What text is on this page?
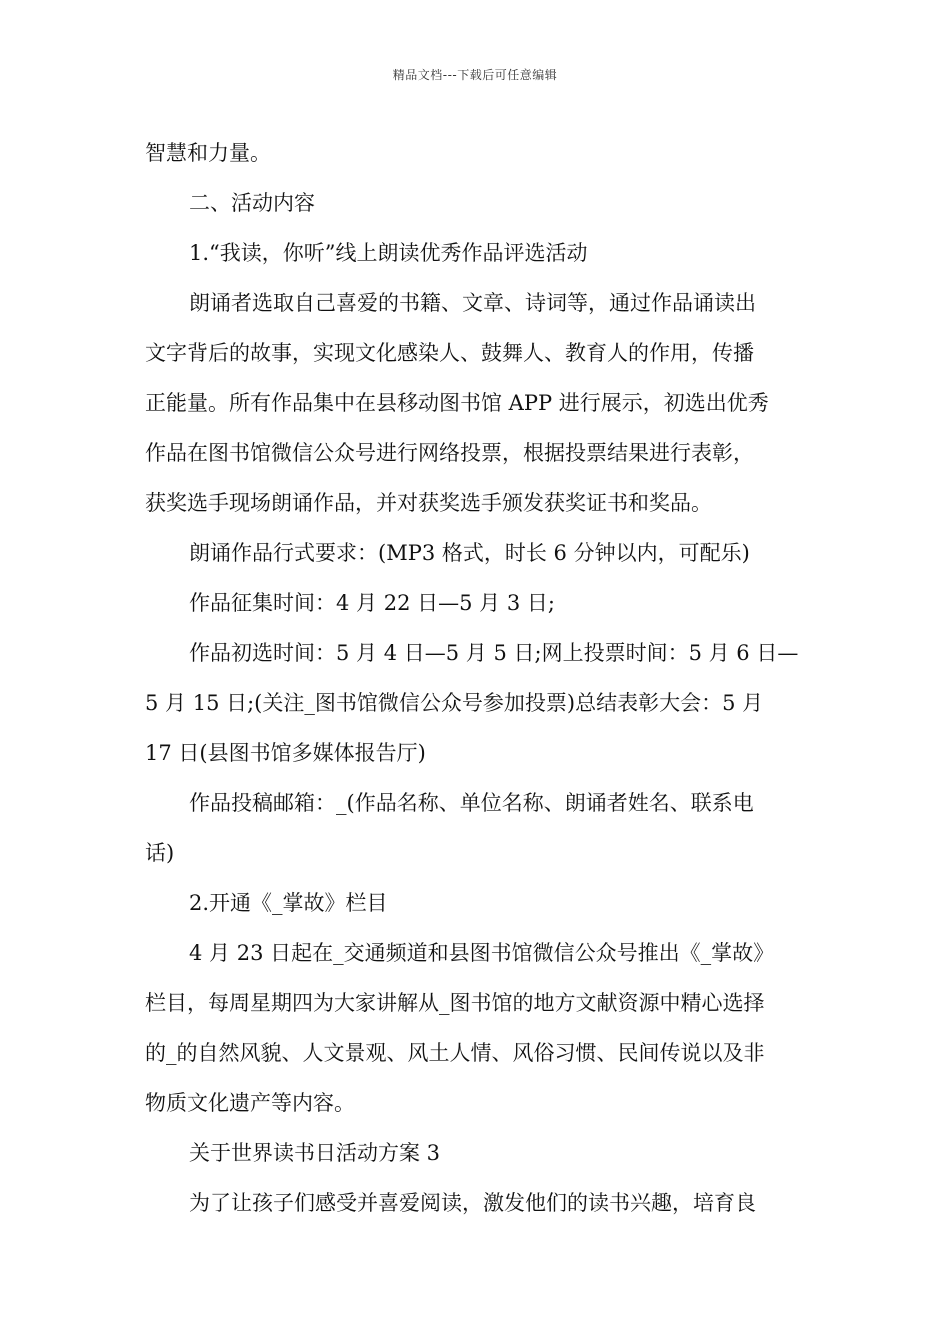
精品文档---下载后可任意编辑
智慧和力量。
二、活动内容
1.“我读，你听”线上朗读优秀作品评选活动
朗诵者选取自己喜爱的书籍、文章、诗词等，通过作品诵读出
文字背后的故事，实现文化感染人、鼓舞人、教育人的作用，传播
正能量。所有作品集中在县移动图书馆 APP 进行展示，初选出优秀
作品在图书馆微信公众号进行网络投票，根据投票结果进行表彰，
获奖选手现场朗诵作品，并对获奖选手颁发获奖证书和奖品。
朗诵作品行式要求：(MP3 格式，时长 6 分钟以内，可配乐)
作品征集时间：4 月 22 日—5 月 3 日;
作品初选时间：5 月 4 日—5 月 5 日;网上投票时间：5 月 6 日—
5 月 15 日;(关注_图书馆微信公众号参加投票)总结表彰大会：5 月
17 日(县图书馆多媒体报告厅)
作品投稿邮箱：_(作品名称、单位名称、朗诵者姓名、联系电
话)
2.开通《_掌故》栏目
4 月 23 日起在_交通频道和县图书馆微信公众号推出《_掌故》
栏目，每周星期四为大家讲解从_图书馆的地方文献资源中精心选择
的_的自然风貌、人文景观、风土人情、风俗习惯、民间传说以及非
物质文化遗产等内容。
关于世界读书日活动方案 3
为了让孩子们感受并喜爱阅读，激发他们的读书兴趣，培育良
